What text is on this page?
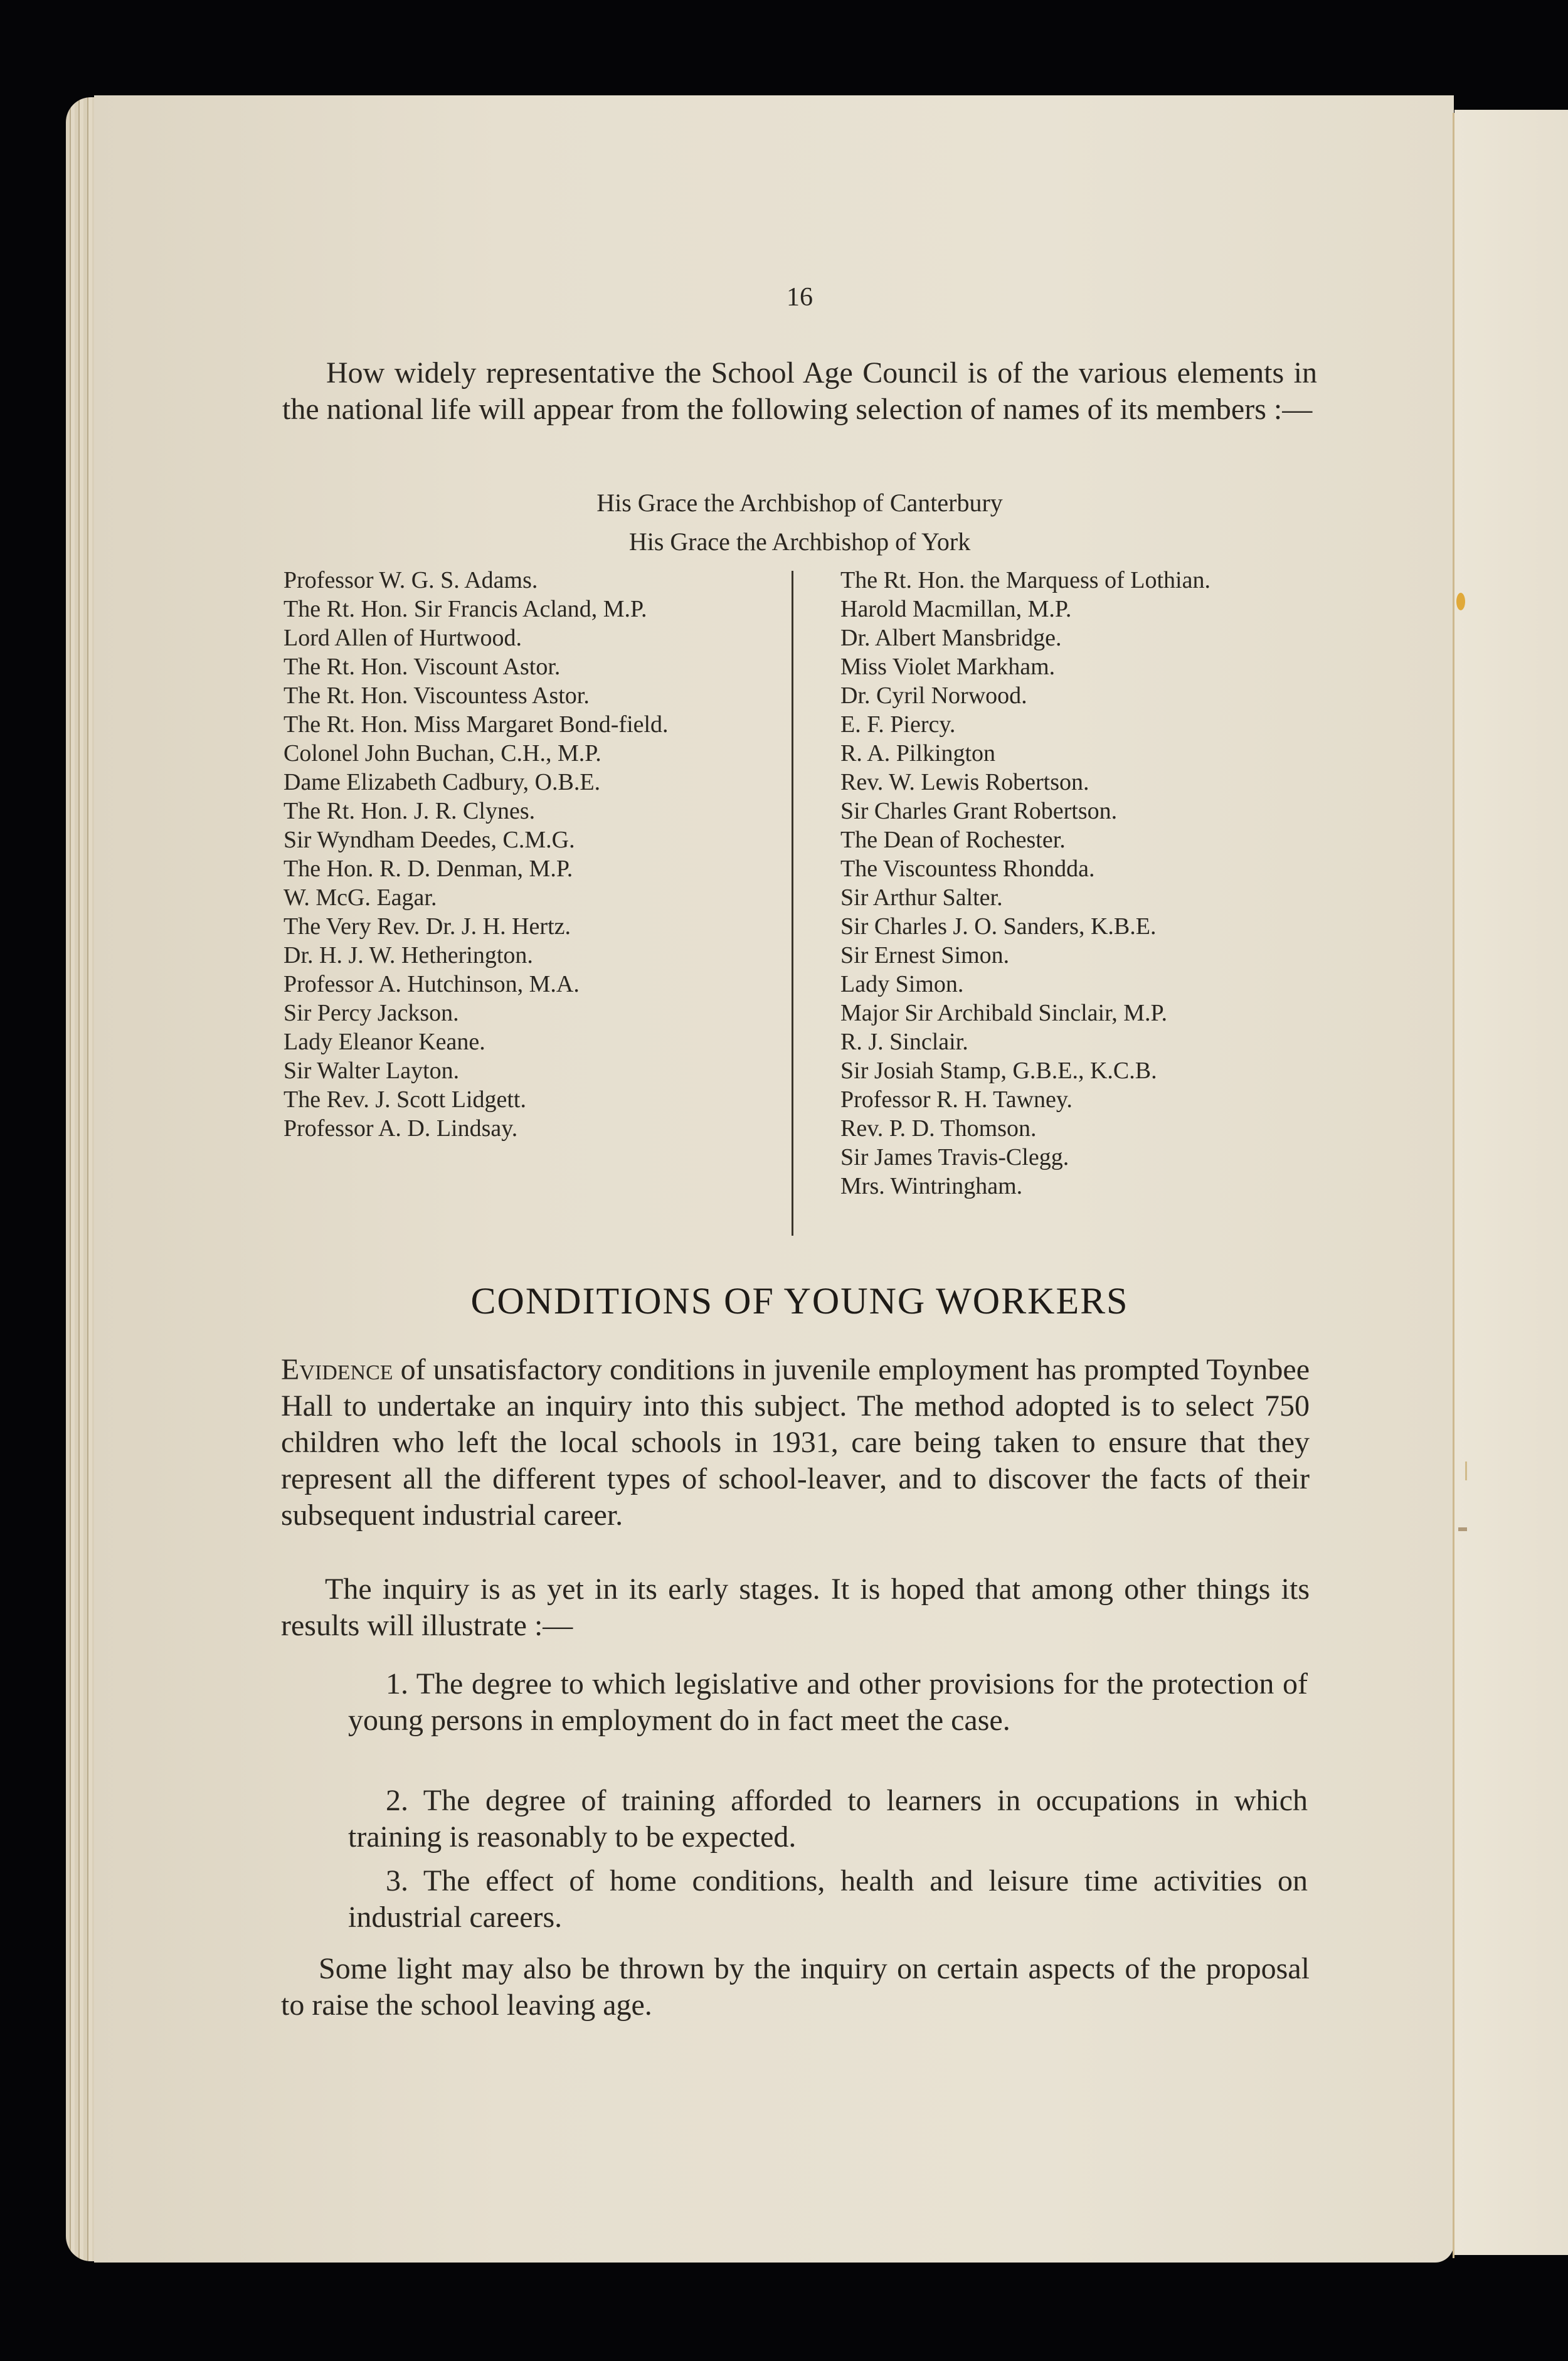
16
How widely representative the School Age Council is of the various elements in the national life will appear from the following selection of names of its members :—
His Grace the Archbishop of Canterbury
His Grace the Archbishop of York
Professor W. G. S. Adams.
The Rt. Hon. Sir Francis Acland, M.P.
Lord Allen of Hurtwood.
The Rt. Hon. Viscount Astor.
The Rt. Hon. Viscountess Astor.
The Rt. Hon. Miss Margaret Bond-field.
Colonel John Buchan, C.H., M.P.
Dame Elizabeth Cadbury, O.B.E.
The Rt. Hon. J. R. Clynes.
Sir Wyndham Deedes, C.M.G.
The Hon. R. D. Denman, M.P.
W. McG. Eagar.
The Very Rev. Dr. J. H. Hertz.
Dr. H. J. W. Hetherington.
Professor A. Hutchinson, M.A.
Sir Percy Jackson.
Lady Eleanor Keane.
Sir Walter Layton.
The Rev. J. Scott Lidgett.
Professor A. D. Lindsay.
The Rt. Hon. the Marquess of Lothian.
Harold Macmillan, M.P.
Dr. Albert Mansbridge.
Miss Violet Markham.
Dr. Cyril Norwood.
E. F. Piercy.
R. A. Pilkington
Rev. W. Lewis Robertson.
Sir Charles Grant Robertson.
The Dean of Rochester.
The Viscountess Rhondda.
Sir Arthur Salter.
Sir Charles J. O. Sanders, K.B.E.
Sir Ernest Simon.
Lady Simon.
Major Sir Archibald Sinclair, M.P.
R. J. Sinclair.
Sir Josiah Stamp, G.B.E., K.C.B.
Professor R. H. Tawney.
Rev. P. D. Thomson.
Sir James Travis-Clegg.
Mrs. Wintringham.
CONDITIONS OF YOUNG WORKERS
Evidence of unsatisfactory conditions in juvenile employment has prompted Toynbee Hall to undertake an inquiry into this subject. The method adopted is to select 750 children who left the local schools in 1931, care being taken to ensure that they represent all the different types of school-leaver, and to discover the facts of their subsequent industrial career.
The inquiry is as yet in its early stages. It is hoped that among other things its results will illustrate :—
1. The degree to which legislative and other provisions for the protection of young persons in employment do in fact meet the case.
2. The degree of training afforded to learners in occupations in which training is reasonably to be expected.
3. The effect of home conditions, health and leisure time activities on industrial careers.
Some light may also be thrown by the inquiry on certain aspects of the proposal to raise the school leaving age.
